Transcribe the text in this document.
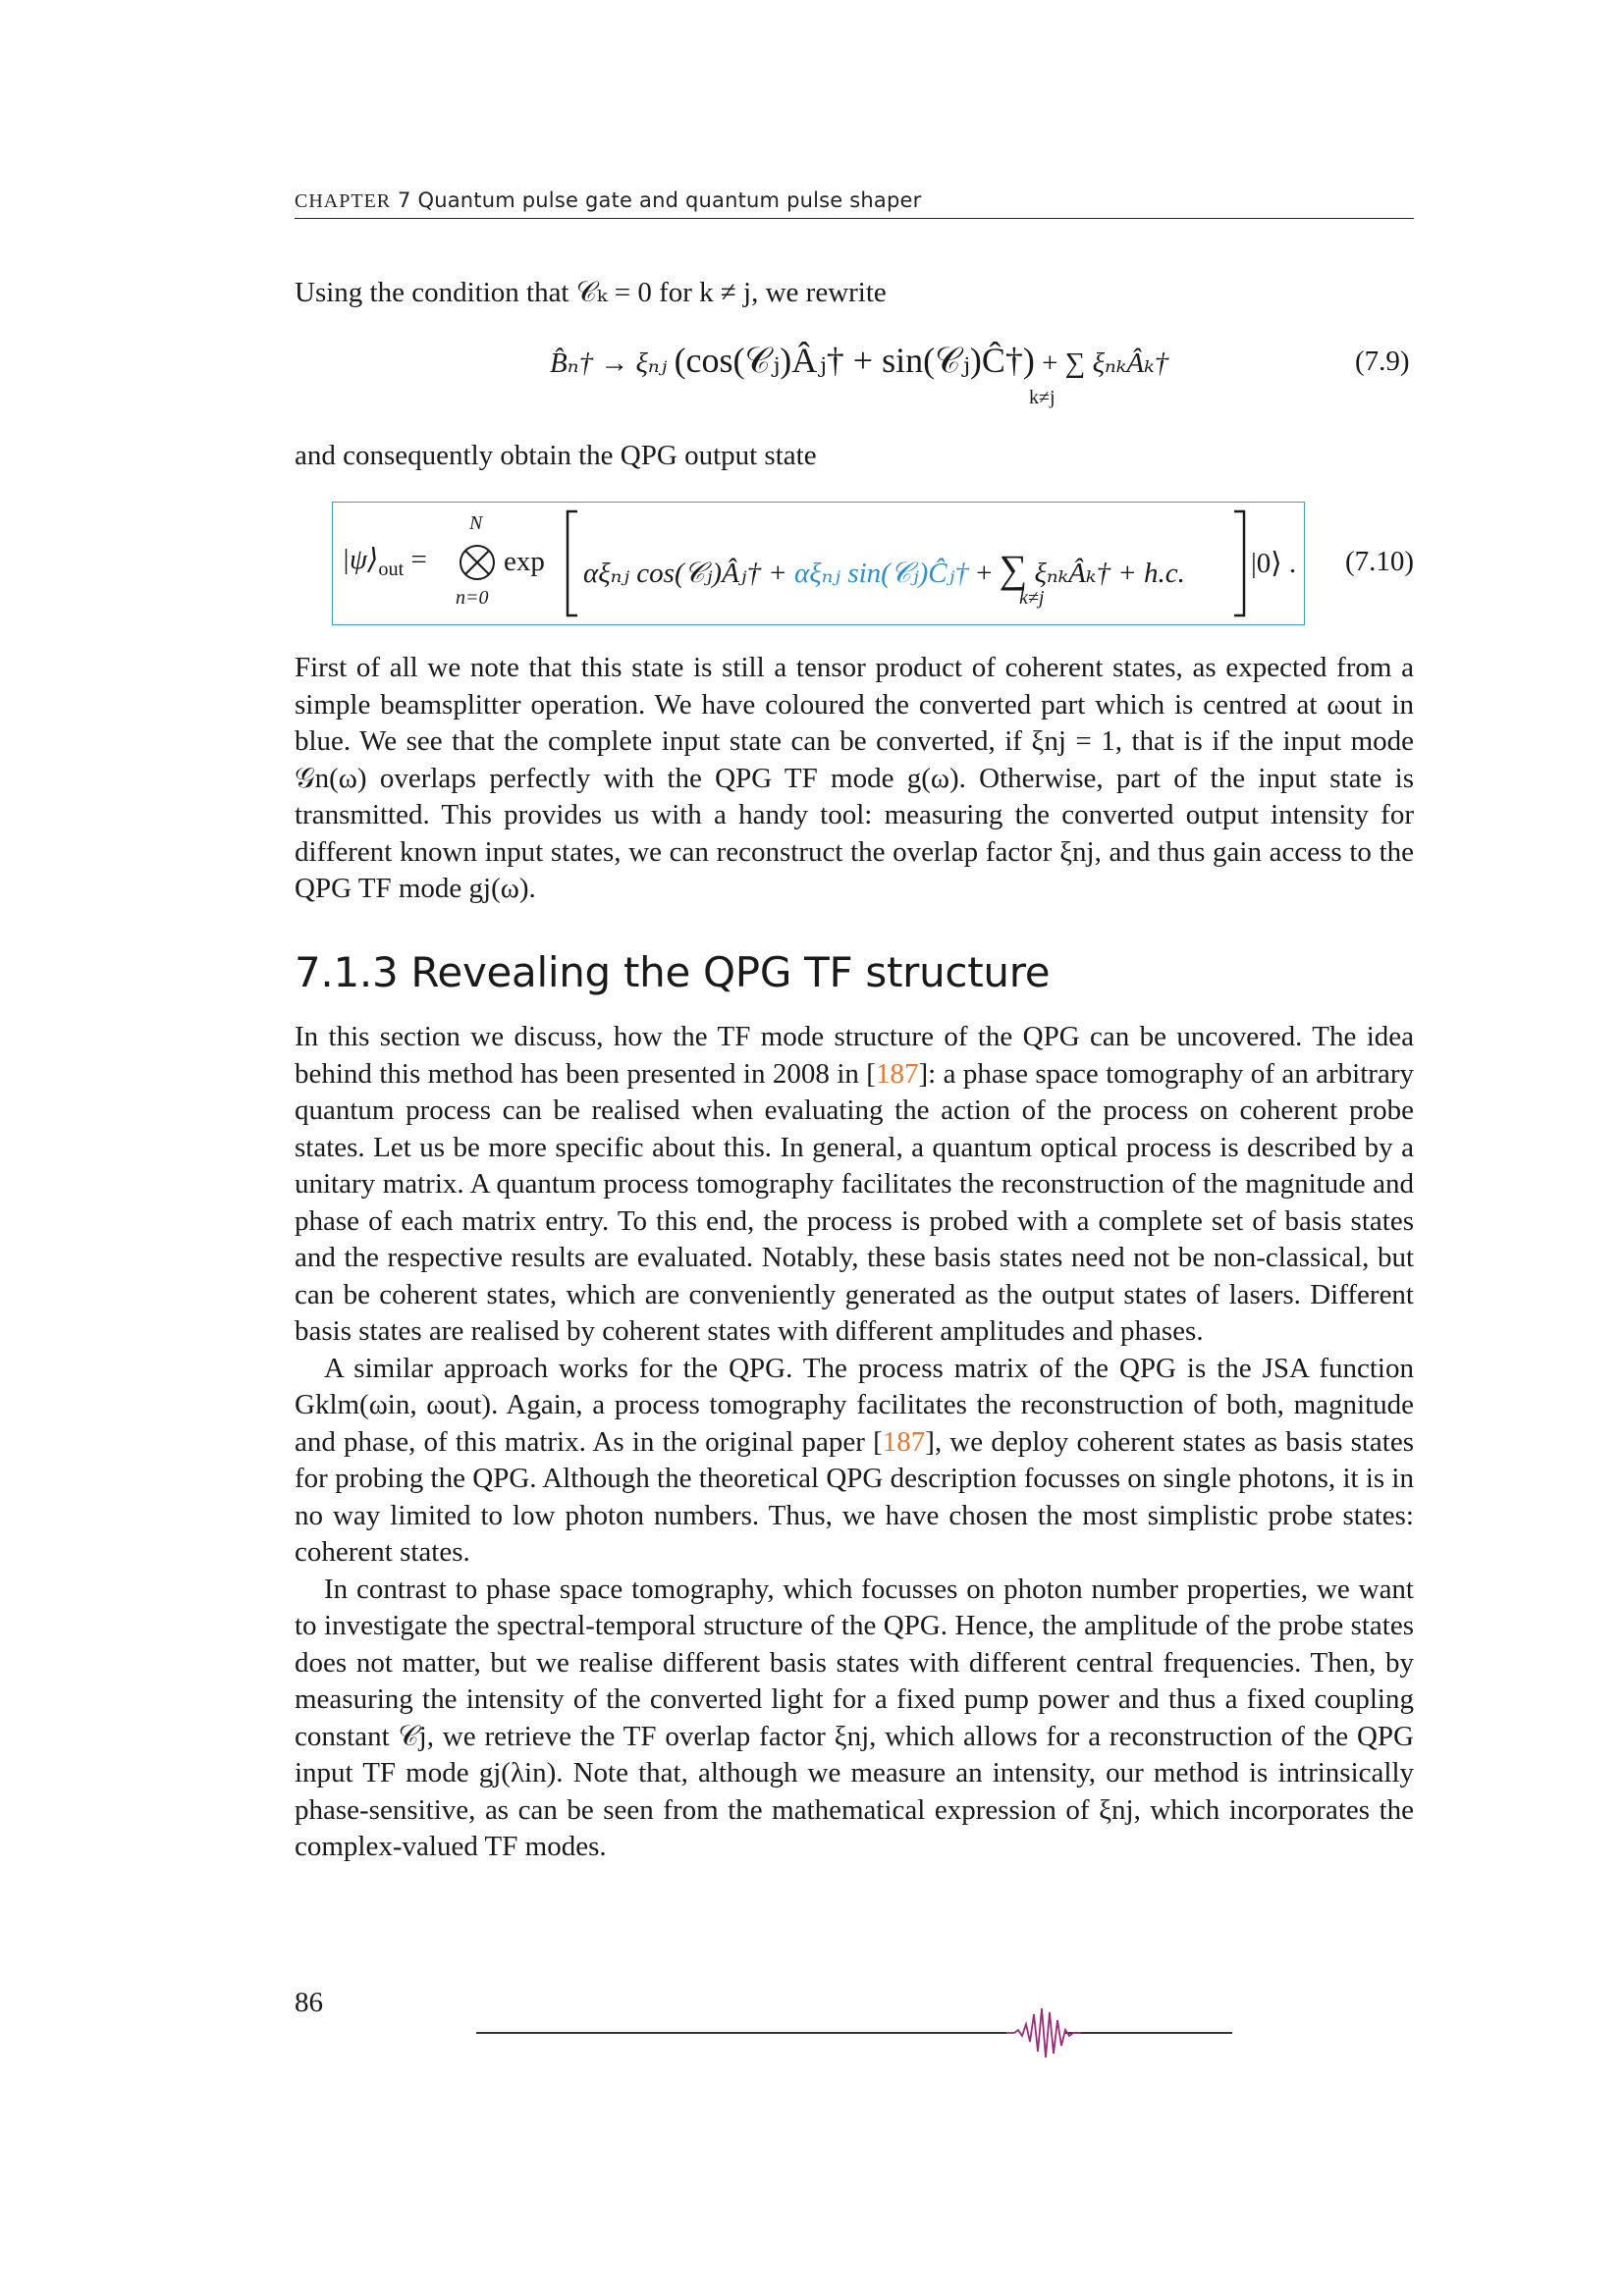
CHAPTER 7 Quantum pulse gate and quantum pulse shaper

Using the condition that 𝒞ₖ = 0 for k ≠ j, we rewrite

B̂ₙ† → ξₙⱼ (cos(𝒞ⱼ)Âⱼ† + sin(𝒞ⱼ)Ĉ†) + ∑ ξₙₖÂₖ†
k≠j
(7.9)

and consequently obtain the QPG output state

$|\psi⟩_{out}$ =
N
n=0
exp αξₙⱼ cos(𝒞ⱼ)Âⱼ† + αξₙⱼ sin(𝒞ⱼ)Ĉⱼ† + ∑ ξₙₖÂₖ† + h.c.
k≠j
|0⟩ . (7.10)

First of all we note that this state is still a tensor product of coherent states, as expected from a simple beamsplitter operation. We have coloured the converted part which is centred at ωout in blue. We see that the complete input state can be converted, if ξnj = 1, that is if the input mode 𝒢n(ω) overlaps perfectly with the QPG TF mode g(ω). Otherwise, part of the input state is transmitted. This provides us with a handy tool: measuring the converted output intensity for different known input states, we can reconstruct the overlap factor ξnj, and thus gain access to the QPG TF mode gj(ω).

7.1.3 Revealing the QPG TF structure

In this section we discuss, how the TF mode structure of the QPG can be uncovered. The idea behind this method has been presented in 2008 in [187]: a phase space tomography of an arbitrary quantum process can be realised when evaluating the action of the process on coherent probe states. Let us be more specific about this. In general, a quantum optical process is described by a unitary matrix. A quantum process tomography facilitates the reconstruction of the magnitude and phase of each matrix entry. To this end, the process is probed with a complete set of basis states and the respective results are evaluated. Notably, these basis states need not be non-classical, but can be coherent states, which are conveniently generated as the output states of lasers. Different basis states are realised by coherent states with different amplitudes and phases.

A similar approach works for the QPG. The process matrix of the QPG is the JSA function Gklm(ωin, ωout). Again, a process tomography facilitates the reconstruction of both, magnitude and phase, of this matrix. As in the original paper [187], we deploy coherent states as basis states for probing the QPG. Although the theoretical QPG description focusses on single photons, it is in no way limited to low photon numbers. Thus, we have chosen the most simplistic probe states: coherent states.

In contrast to phase space tomography, which focusses on photon number properties, we want to investigate the spectral-temporal structure of the QPG. Hence, the amplitude of the probe states does not matter, but we realise different basis states with different central frequencies. Then, by measuring the intensity of the converted light for a fixed pump power and thus a fixed coupling constant 𝒞j, we retrieve the TF overlap factor ξnj, which allows for a reconstruction of the QPG input TF mode gj(λin). Note that, although we measure an intensity, our method is intrinsically phase-sensitive, as can be seen from the mathematical expression of ξnj, which incorporates the complex-valued TF modes.

86
